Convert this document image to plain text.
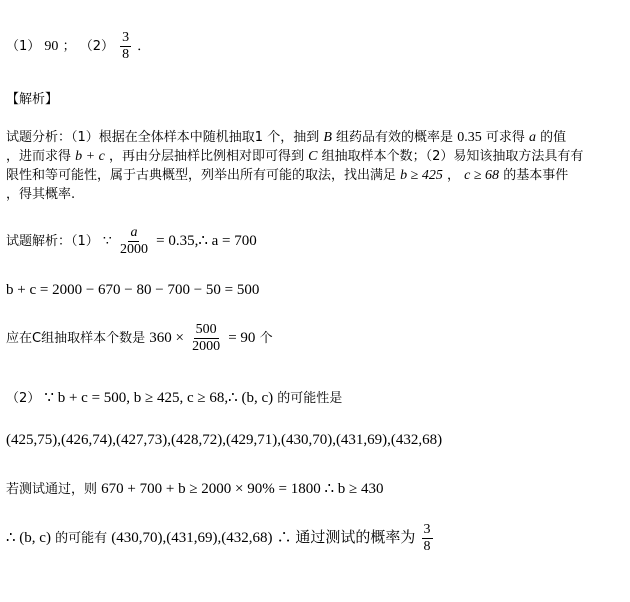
（1） 90 ； $(2) \frac{3}{8}$ ．
【解析】
试题分析：（1）根据在全体样本中随机抽取1 个，抽到 B 组药品有效的概率是 0.35 可求得 a 的值
，进而求得 b + c ，再由分层抽样比例相对即可得到 C 组抽取样本个数；（2）易知该抽取方法具有有
限性和等可能性，属于古典概型，列举出所有可能的取法，找出满足 b ≥ 425 ， c ≥ 68 的基本事件
，得其概率.
试题解析：（1） ∵ $\frac{a}{2000}$ = 0.35,∴ a = 700
b + c = 2000 − 670 − 80 − 700 − 50 = 500
应在C组抽取样本个数是 $360 \times \frac{500}{2000} = 90$ 个
（2） ∵ b + c = 500, b ≥ 425, c ≥ 68,∴ (b, c) 的可能性是
(425,75),(426,74),(427,73),(428,72),(429,71),(430,70),(431,69),(432,68)
若测试通过，则 670 + 700 + b ≥ 2000 × 90% = 1800 ∴ b ≥ 430
∴ (b, c) 的可能有 (430,70),(431,69),(432,68) ∴ 通过测试的概率为 $\frac{3}{8}$
